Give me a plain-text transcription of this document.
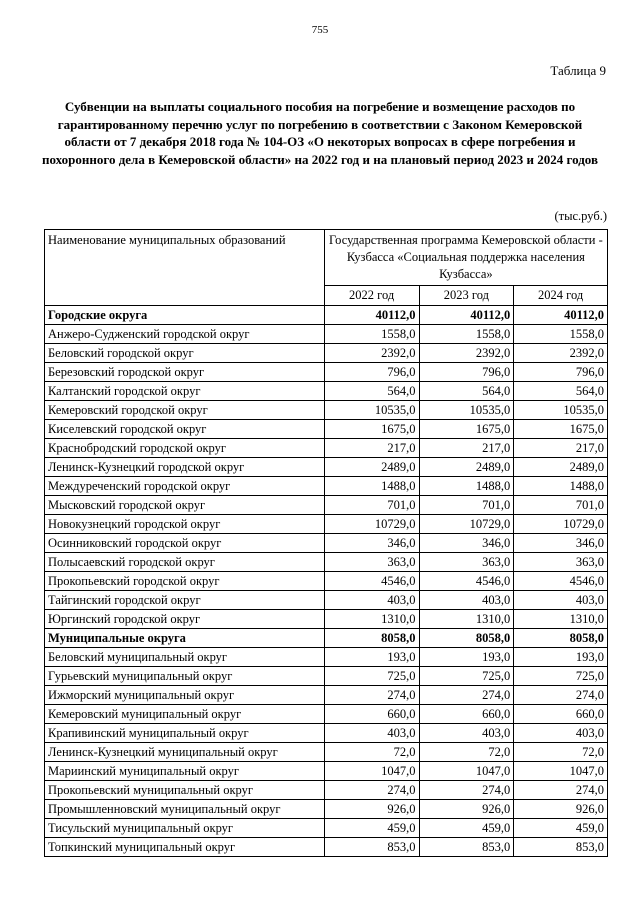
755
Таблица 9
Субвенции на выплаты социального пособия на погребение и возмещение расходов по гарантированному перечню услуг по погребению в соответствии с Законом Кемеровской области от 7 декабря 2018 года № 104-ОЗ «О некоторых вопросах в сфере погребения и похоронного дела в Кемеровской области» на 2022 год и на плановый период 2023 и 2024 годов
(тыс.руб.)
Наименование муниципальных образований	Государственная программа Кемеровской области - Кузбасса «Социальная поддержка населения Кузбасса»		
	2022 год	2023 год	2024 год
Городские округа	40112,0	40112,0	40112,0
Анжеро-Судженский городской округ	1558,0	1558,0	1558,0
Беловский городской округ	2392,0	2392,0	2392,0
Березовский городской округ	796,0	796,0	796,0
Калтанский городской округ	564,0	564,0	564,0
Кемеровский городской округ	10535,0	10535,0	10535,0
Киселевский городской округ	1675,0	1675,0	1675,0
Краснобродский городской округ	217,0	217,0	217,0
Ленинск-Кузнецкий городской округ	2489,0	2489,0	2489,0
Междуреченский городской округ	1488,0	1488,0	1488,0
Мысковский городской округ	701,0	701,0	701,0
Новокузнецкий городской округ	10729,0	10729,0	10729,0
Осинниковский городской округ	346,0	346,0	346,0
Полысаевский городской округ	363,0	363,0	363,0
Прокопьевский городской округ	4546,0	4546,0	4546,0
Тайгинский городской округ	403,0	403,0	403,0
Юргинский городской округ	1310,0	1310,0	1310,0
Муниципальные округа	8058,0	8058,0	8058,0
Беловский муниципальный округ	193,0	193,0	193,0
Гурьевский муниципальный округ	725,0	725,0	725,0
Ижморский муниципальный округ	274,0	274,0	274,0
Кемеровский муниципальный округ	660,0	660,0	660,0
Крапивинский муниципальный округ	403,0	403,0	403,0
Ленинск-Кузнецкий муниципальный округ	72,0	72,0	72,0
Мариинский муниципальный округ	1047,0	1047,0	1047,0
Прокопьевский муниципальный округ	274,0	274,0	274,0
Промышленновский муниципальный округ	926,0	926,0	926,0
Тисульский муниципальный округ	459,0	459,0	459,0
Топкинский муниципальный округ	853,0	853,0	853,0
